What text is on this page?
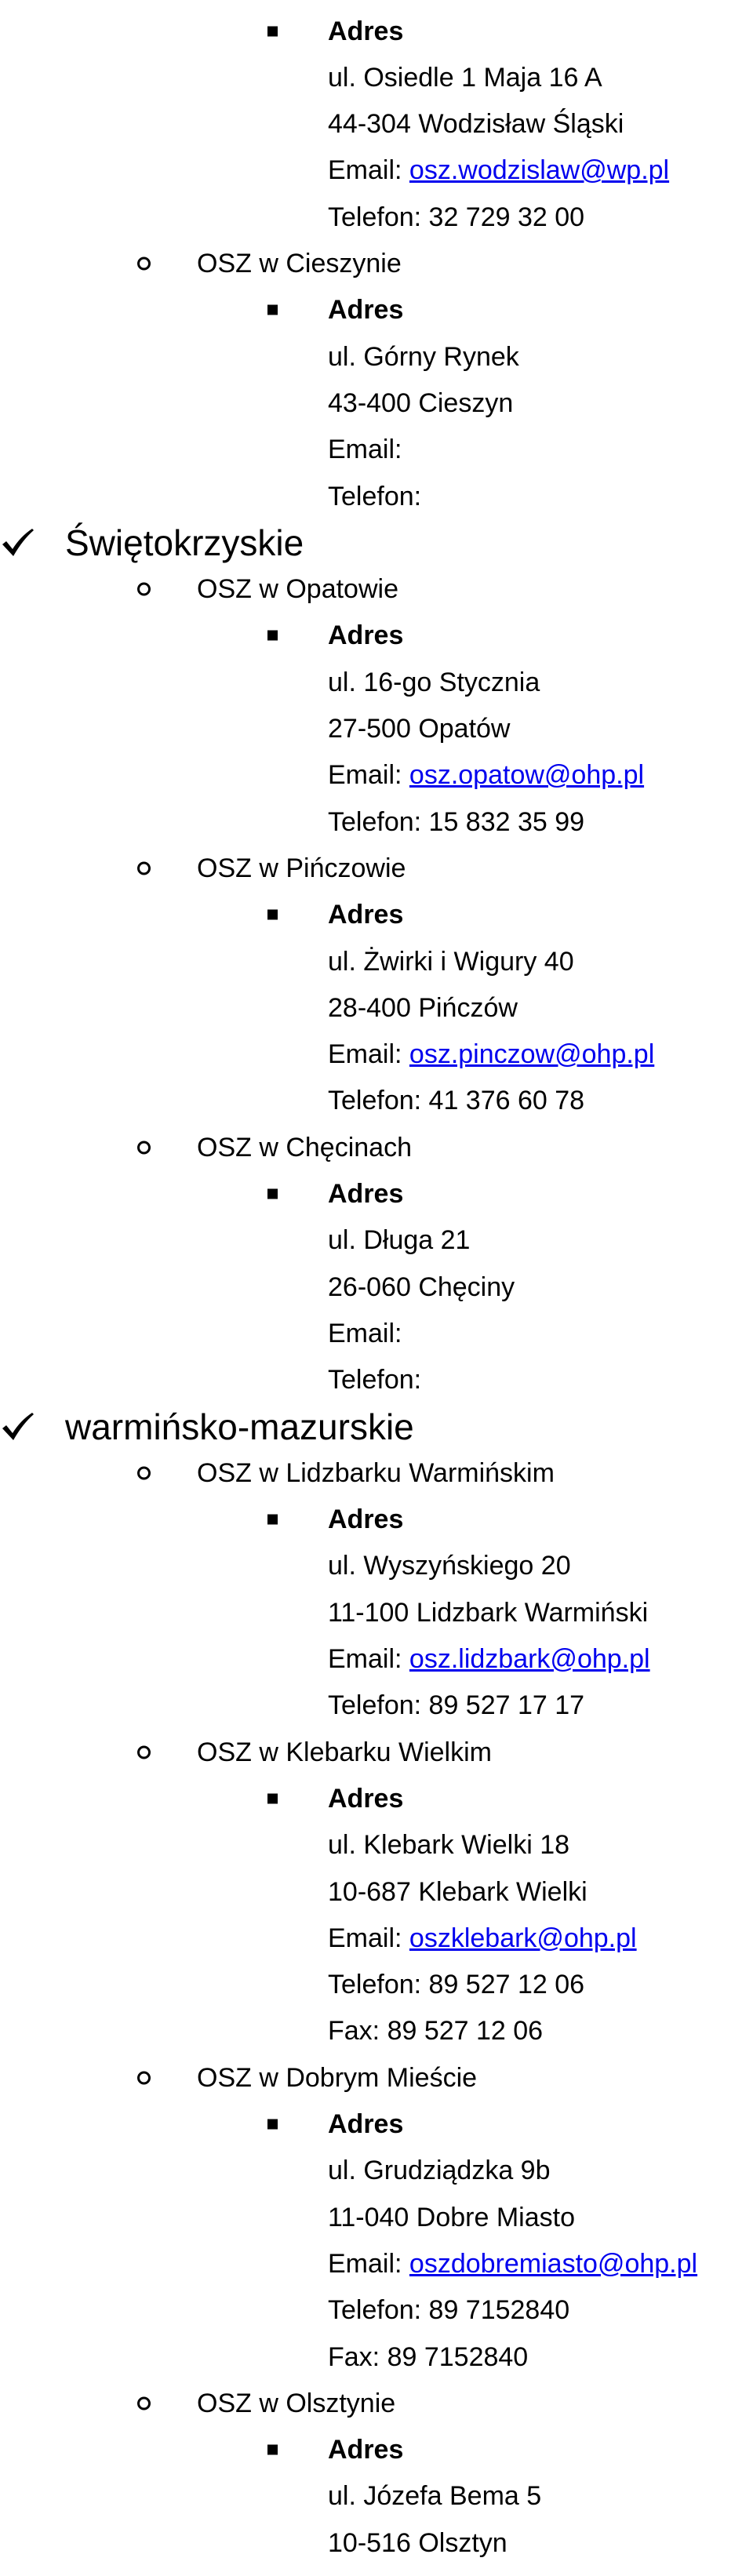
Adres
ul. Osiedle 1 Maja 16 A
44-304 Wodzisław Śląski
Email: osz.wodzislaw@wp.pl
Telefon: 32 729 32 00
OSZ w Cieszynie
Adres
ul. Górny Rynek
43-400 Cieszyn
Email:
Telefon:
Świętokrzyskie
OSZ w Opatowie
Adres
ul. 16-go Stycznia
27-500 Opatów
Email: osz.opatow@ohp.pl
Telefon: 15 832 35 99
OSZ w Pińczowie
Adres
ul. Żwirki i Wigury 40
28-400 Pińczów
Email: osz.pinczow@ohp.pl
Telefon: 41 376 60 78
OSZ w Chęcinach
Adres
ul. Długa 21
26-060 Chęciny
Email:
Telefon:
warmińsko-mazurskie
OSZ w Lidzbarku Warmińskim
Adres
ul. Wyszyńskiego 20
11-100 Lidzbark Warmiński
Email: osz.lidzbark@ohp.pl
Telefon: 89 527 17 17
OSZ w Klebarku Wielkim
Adres
ul. Klebark Wielki 18
10-687 Klebark Wielki
Email: oszklebark@ohp.pl
Telefon: 89 527 12 06
Fax: 89 527 12 06
OSZ w Dobrym Mieście
Adres
ul. Grudziądzka 9b
11-040 Dobre Miasto
Email: oszdobremiasto@ohp.pl
Telefon: 89 7152840
Fax: 89 7152840
OSZ w Olsztynie
Adres
ul. Józefa Bema 5
10-516 Olsztyn
